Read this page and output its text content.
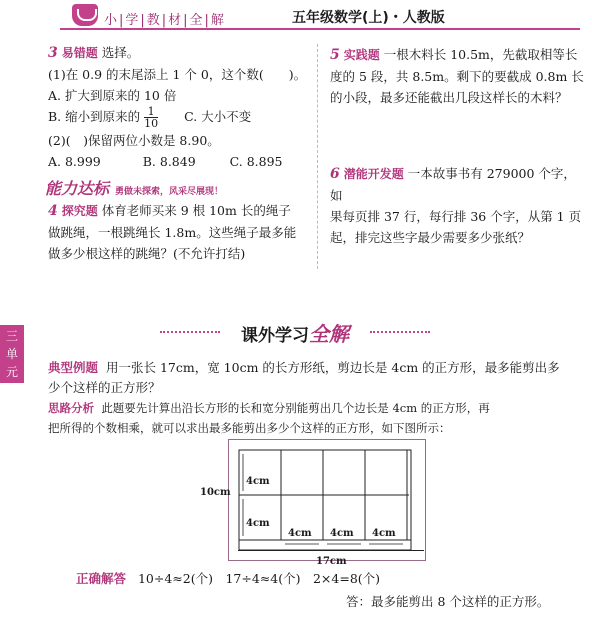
小|学|教|材|全|解	五年级数学(上)・人教版
3 易错题 选择。
(1)在 0.9 的末尾添上 1 个 0，这个数(　　)。
A. 扩大到原来的 10 倍
B. 缩小到原来的 $\frac{1}{10} C$. 大小不变
(2)(　)保留两位小数是 8.90。
A. 8.999	B. 8.849	C. 8.895
能力达标 勇做未探索，风采尽展现！
4 探究题 体育老师买来 9 根 10m 长的绳子
做跳绳，一根跳绳长 1.8m。这些绳子最多能
做多少根这样的跳绳？(不允许打结)
5 实践题 一根木料长 10.5m，先截取相等长
度的 5 段，共 8.5m。剩下的要截成 0.8m 长
的小段，最多还能截出几段这样长的木料？
6 潜能开发题 一本故事书有 279000 个字，如
果每页排 37 行，每行排 36 个字，从第 1 页
起，排完这些字最少需要多少张纸？
三
单
元
课外学习全解
典型例题 用一张长 17cm，宽 10cm 的长方形纸，剪边长是 4cm 的正方形，最多能剪出多
少个这样的正方形？
思路分析 此题要先计算出沿长方形的长和宽分别能剪出几个边长是 4cm 的正方形，再
把所得的个数相乘，就可以求出最多能剪出多少个这样的正方形，如下图所示：
4cm
4cm
4cm 4cm 4cm
10cm
17cm
正确解答 10÷4≈2(个)　17÷4≈4(个)　2×4=8(个)
答：最多能剪出 8 个这样的正方形。
